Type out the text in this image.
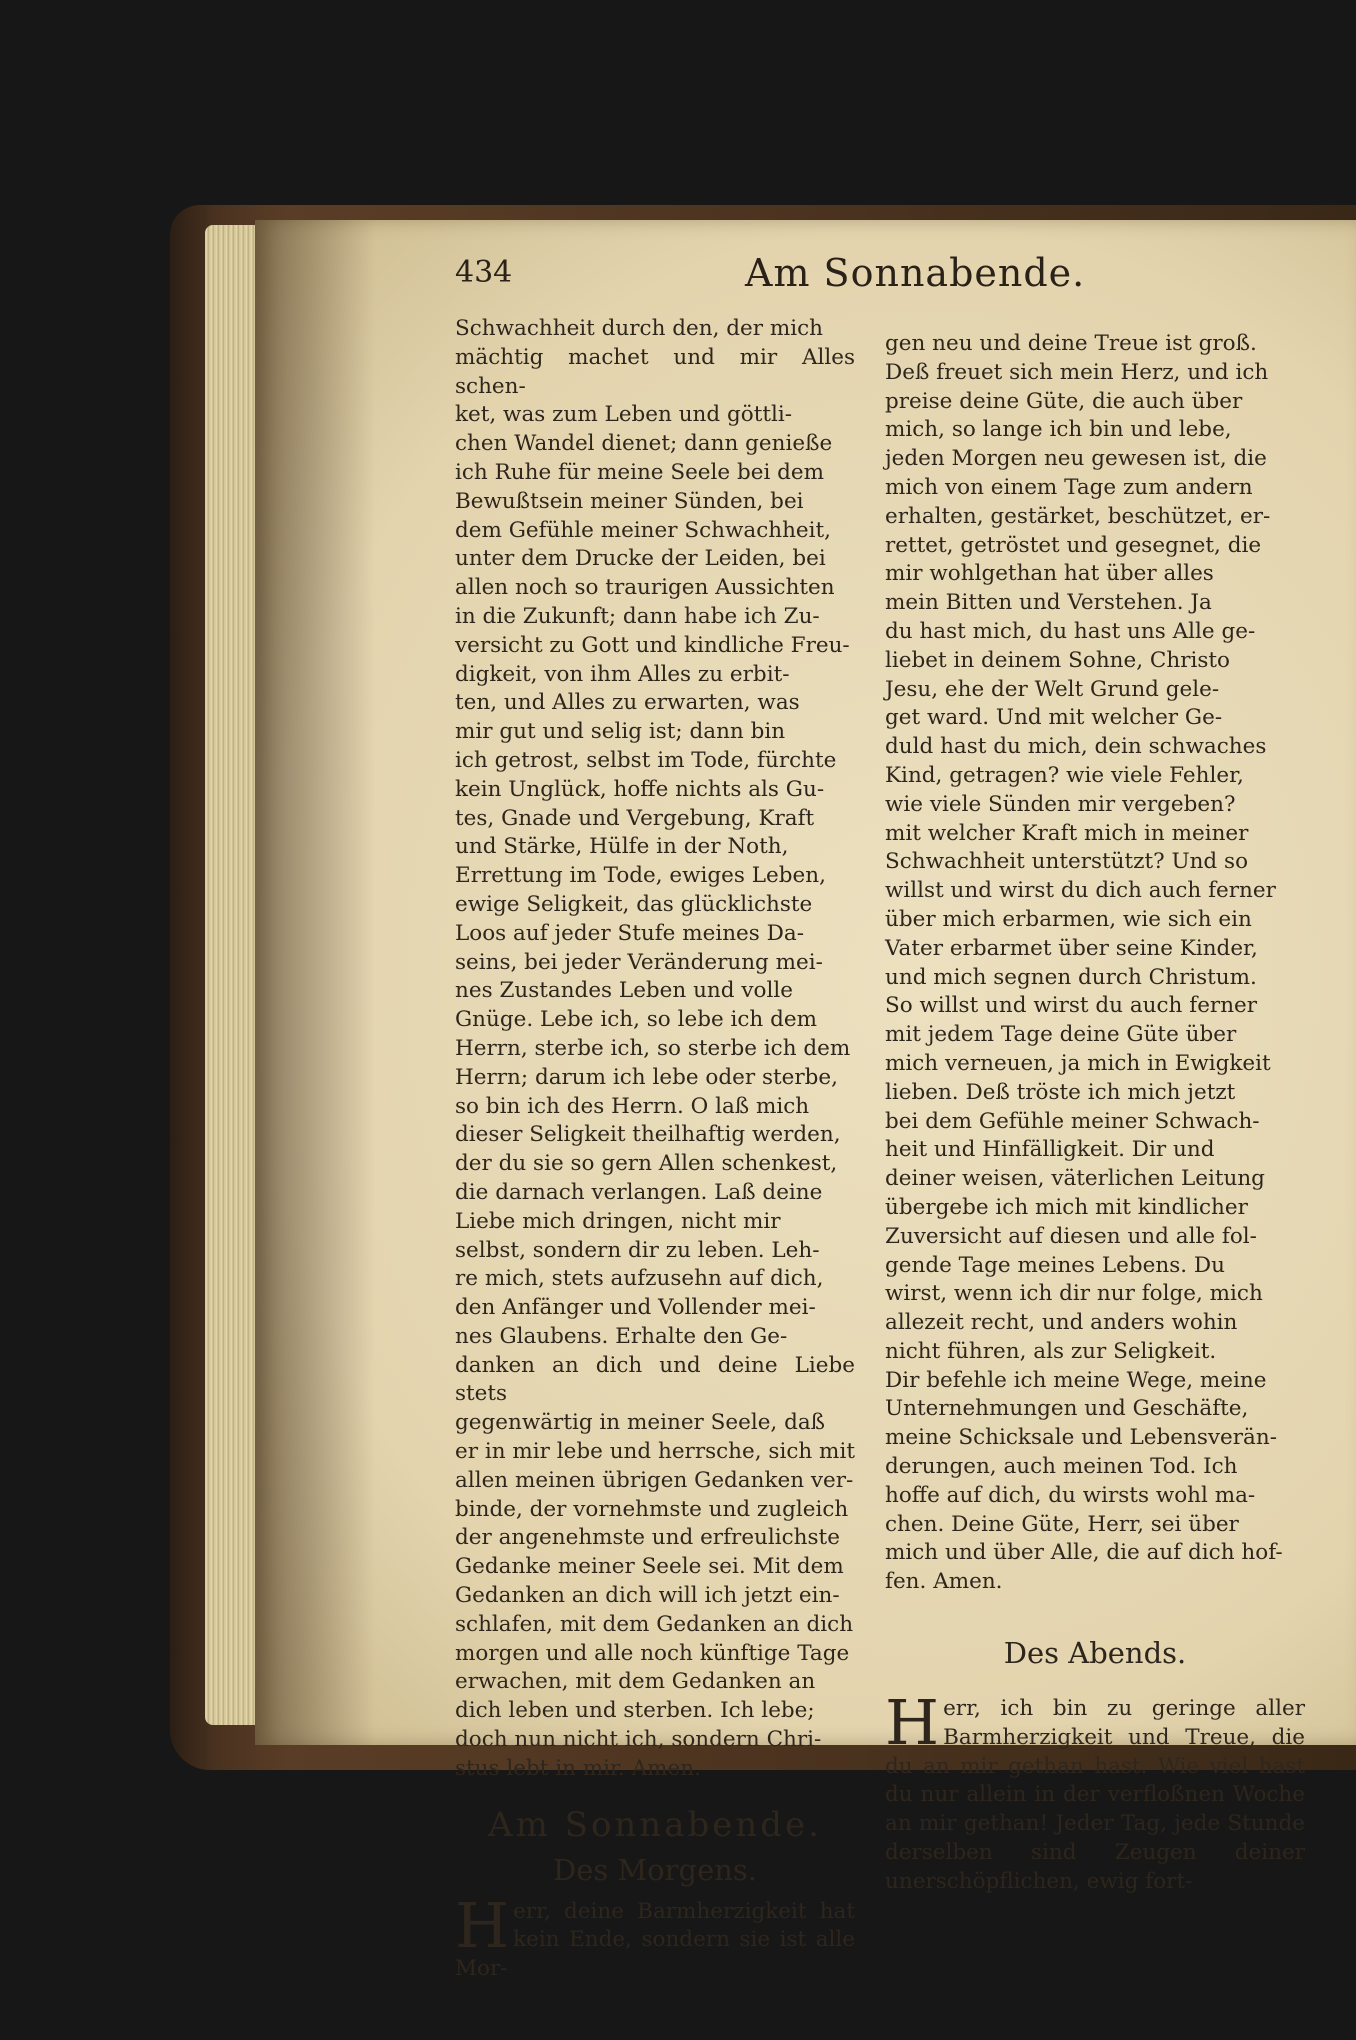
434	Am Sonnabende.

Schwachheit durch den, der mich
mächtig machet und mir Alles schen-
ket, was zum Leben und göttli-
chen Wandel dienet; dann genieße
ich Ruhe für meine Seele bei dem
Bewußtsein meiner Sünden, bei
dem Gefühle meiner Schwachheit,
unter dem Drucke der Leiden, bei
allen noch so traurigen Aussichten
in die Zukunft; dann habe ich Zu-
versicht zu Gott und kindliche Freu-
digkeit, von ihm Alles zu erbit-
ten, und Alles zu erwarten, was
mir gut und selig ist; dann bin
ich getrost, selbst im Tode, fürchte
kein Unglück, hoffe nichts als Gu-
tes, Gnade und Vergebung, Kraft
und Stärke, Hülfe in der Noth,
Errettung im Tode, ewiges Leben,
ewige Seligkeit, das glücklichste
Loos auf jeder Stufe meines Da-
seins, bei jeder Veränderung mei-
nes Zustandes Leben und volle
Gnüge. Lebe ich, so lebe ich dem
Herrn, sterbe ich, so sterbe ich dem
Herrn; darum ich lebe oder sterbe,
so bin ich des Herrn. O laß mich
dieser Seligkeit theilhaftig werden,
der du sie so gern Allen schenkest,
die darnach verlangen. Laß deine
Liebe mich dringen, nicht mir
selbst, sondern dir zu leben. Leh-
re mich, stets aufzusehn auf dich,
den Anfänger und Vollender mei-
nes Glaubens. Erhalte den Ge-
danken an dich und deine Liebe stets
gegenwärtig in meiner Seele, daß
er in mir lebe und herrsche, sich mit
allen meinen übrigen Gedanken ver-
binde, der vornehmste und zugleich
der angenehmste und erfreulichste
Gedanke meiner Seele sei. Mit dem
Gedanken an dich will ich jetzt ein-
schlafen, mit dem Gedanken an dich
morgen und alle noch künftige Tage
erwachen, mit dem Gedanken an
dich leben und sterben. Ich lebe;
doch nun nicht ich, sondern Chri-
stus lebt in mir. Amen.

Am Sonnabende.
Des Morgens.

H err, deine Barmherzigkeit hat kein Ende, sondern sie ist alle Mor-

gen neu und deine Treue ist groß.
Deß freuet sich mein Herz, und ich
preise deine Güte, die auch über
mich, so lange ich bin und lebe,
jeden Morgen neu gewesen ist, die
mich von einem Tage zum andern
erhalten, gestärket, beschützet, er-
rettet, getröstet und gesegnet, die
mir wohlgethan hat über alles
mein Bitten und Verstehen. Ja
du hast mich, du hast uns Alle ge-
liebet in deinem Sohne, Christo
Jesu, ehe der Welt Grund gele-
get ward. Und mit welcher Ge-
duld hast du mich, dein schwaches
Kind, getragen? wie viele Fehler,
wie viele Sünden mir vergeben?
mit welcher Kraft mich in meiner
Schwachheit unterstützt? Und so
willst und wirst du dich auch ferner
über mich erbarmen, wie sich ein
Vater erbarmet über seine Kinder,
und mich segnen durch Christum.
So willst und wirst du auch ferner
mit jedem Tage deine Güte über
mich verneuen, ja mich in Ewigkeit
lieben. Deß tröste ich mich jetzt
bei dem Gefühle meiner Schwach-
heit und Hinfälligkeit. Dir und
deiner weisen, väterlichen Leitung
übergebe ich mich mit kindlicher
Zuversicht auf diesen und alle fol-
gende Tage meines Lebens. Du
wirst, wenn ich dir nur folge, mich
allezeit recht, und anders wohin
nicht führen, als zur Seligkeit.
Dir befehle ich meine Wege, meine
Unternehmungen und Geschäfte,
meine Schicksale und Lebensverän-
derungen, auch meinen Tod. Ich
hoffe auf dich, du wirsts wohl ma-
chen. Deine Güte, Herr, sei über
mich und über Alle, die auf dich hof-
fen. Amen.

Des Abends.

H err, ich bin zu geringe aller Barmherzigkeit und Treue, die du an mir gethan hast. Wie viel hast du nur allein in der verfloßnen Woche an mir gethan! Jeder Tag, jede Stunde derselben sind Zeugen deiner unerschöpflichen, ewig fort-
